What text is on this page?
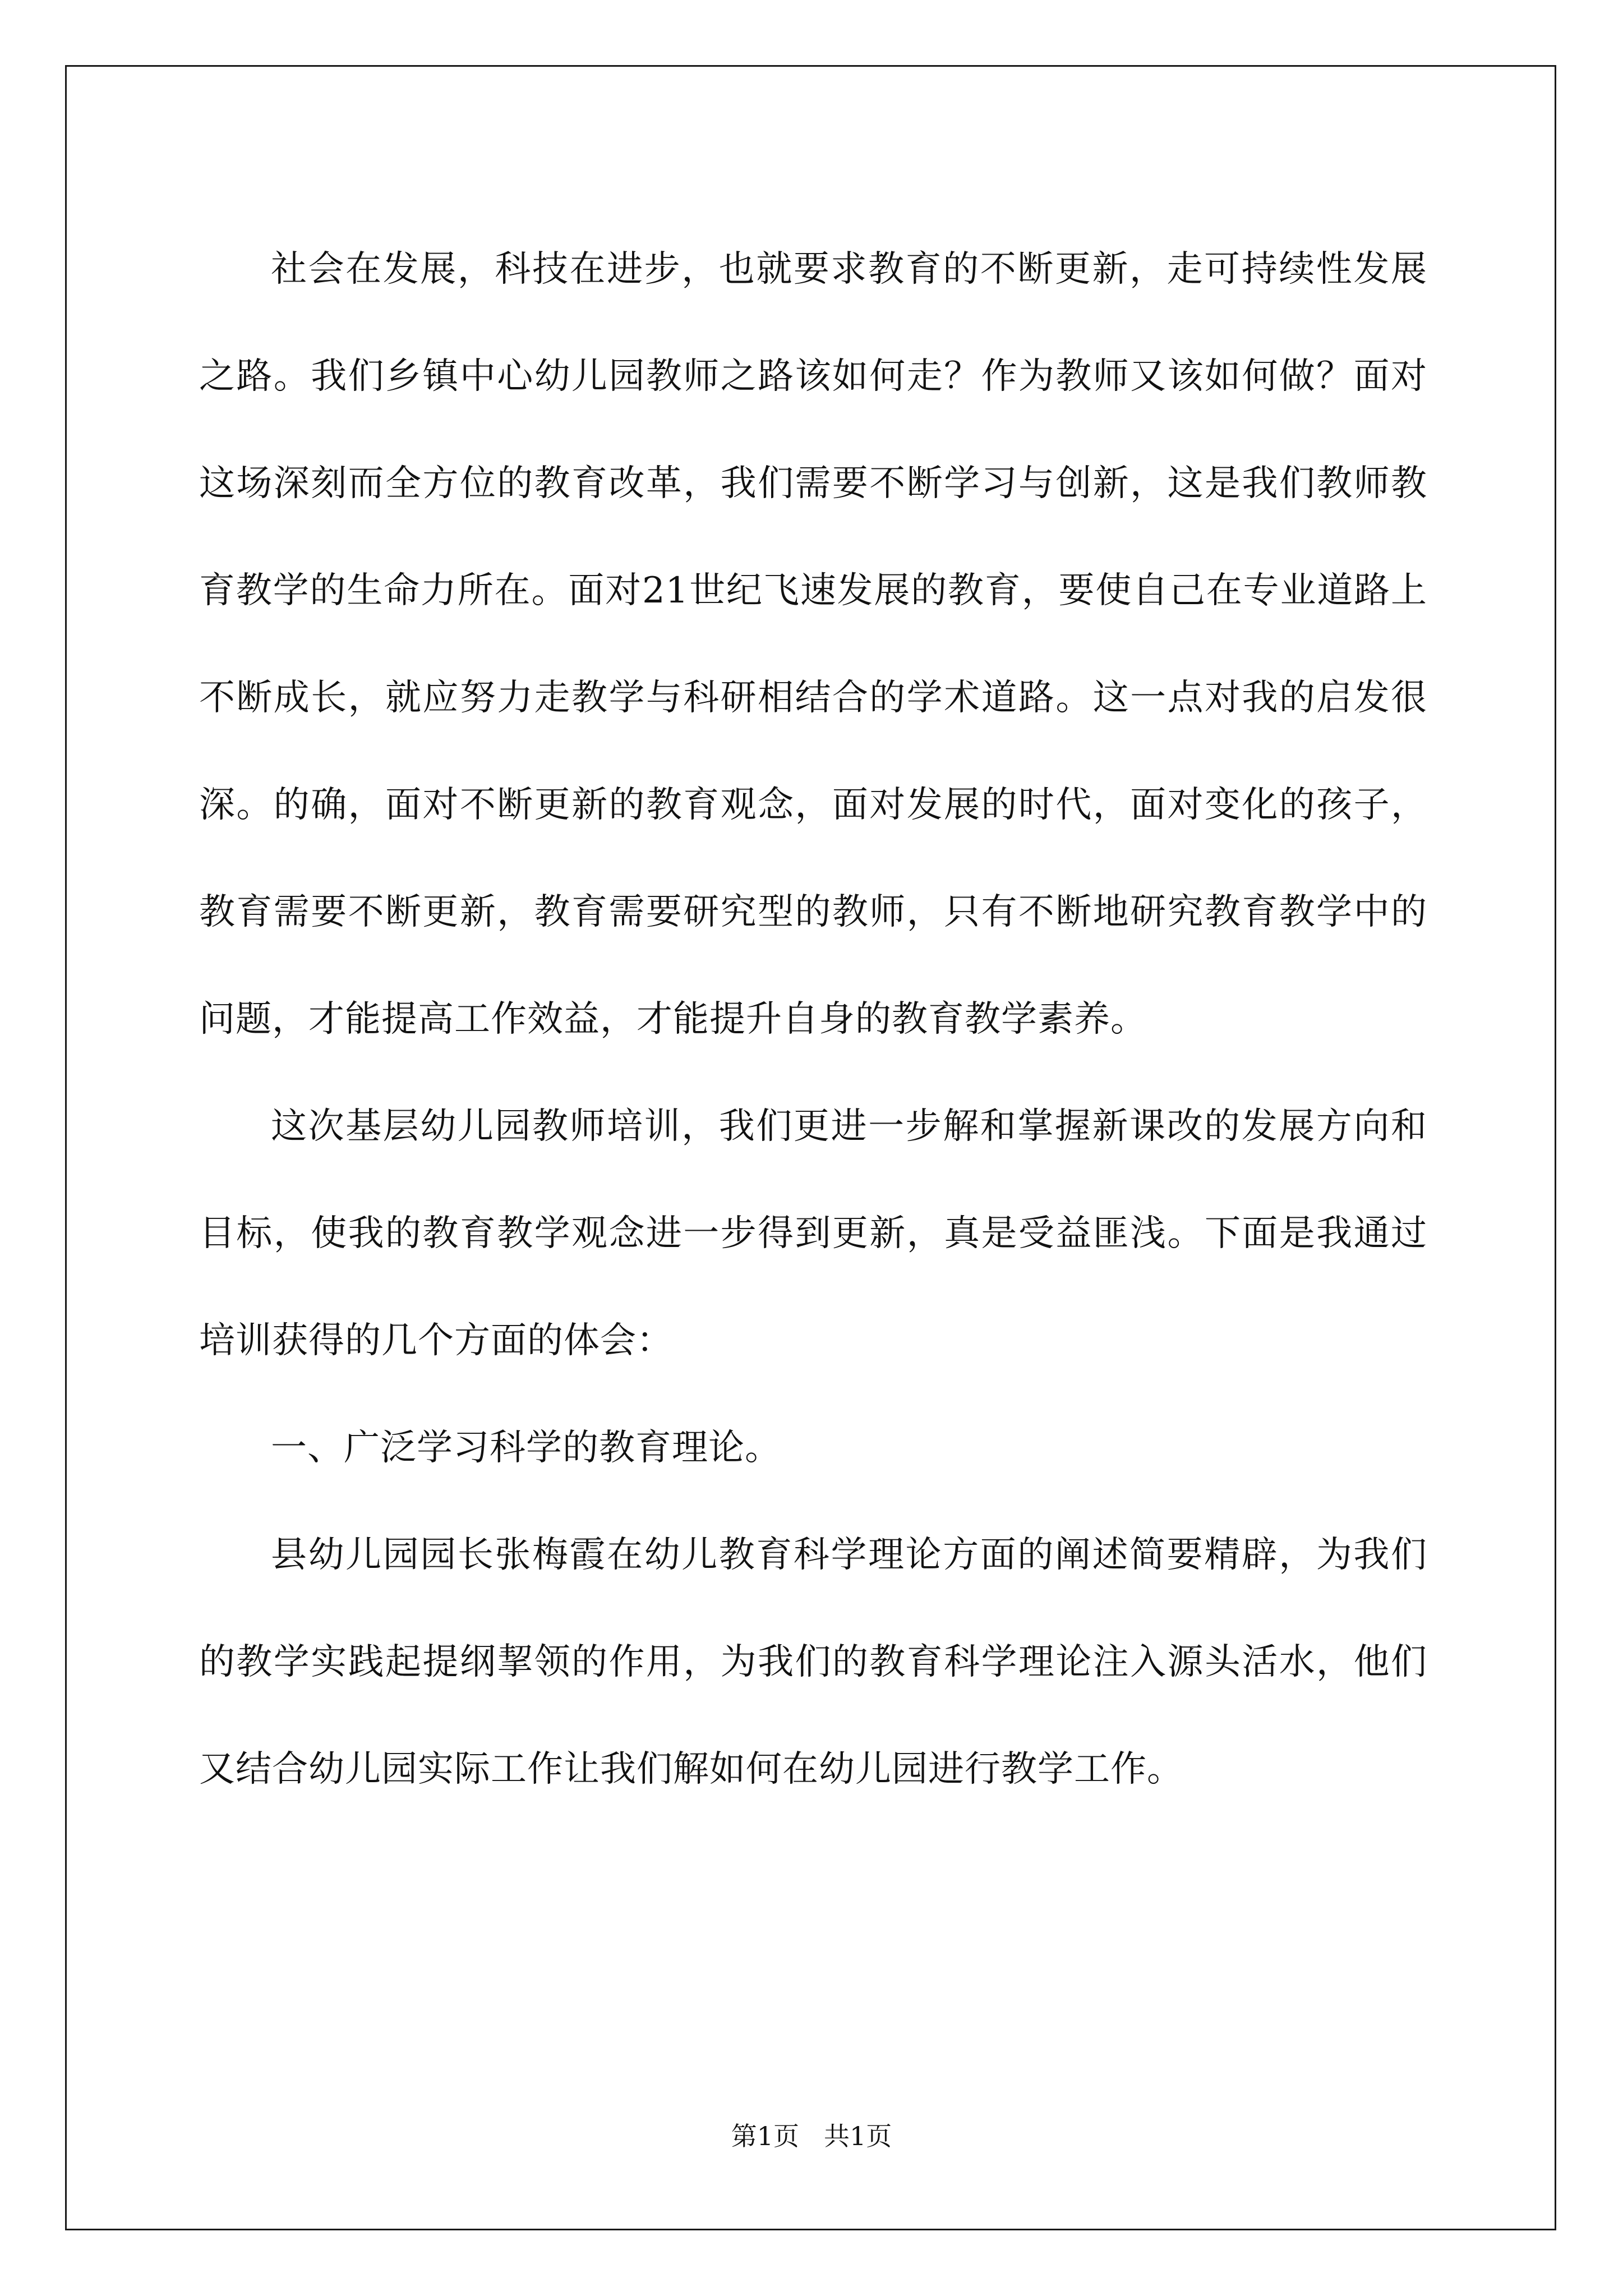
社会在发展，科技在进步，也就要求教育的不断更新，走可持续性发展之路。我们乡镇中心幼儿园教师之路该如何走？作为教师又该如何做？面对这场深刻而全方位的教育改革，我们需要不断学习与创新，这是我们教师教育教学的生命力所在。面对21世纪飞速发展的教育，要使自己在专业道路上不断成长，就应努力走教学与科研相结合的学术道路。这一点对我的启发很深。的确，面对不断更新的教育观念，面对发展的时代，面对变化的孩子，教育需要不断更新，教育需要研究型的教师，只有不断地研究教育教学中的问题，才能提高工作效益，才能提升自身的教育教学素养。

这次基层幼儿园教师培训，我们更进一步解和掌握新课改的发展方向和目标，使我的教育教学观念进一步得到更新，真是受益匪浅。下面是我通过培训获得的几个方面的体会：

一、广泛学习科学的教育理论。

县幼儿园园长张梅霞在幼儿教育科学理论方面的阐述简要精辟，为我们的教学实践起提纲挈领的作用，为我们的教育科学理论注入源头活水，他们又结合幼儿园实际工作让我们解如何在幼儿园进行教学工作。

第1页 共1页
